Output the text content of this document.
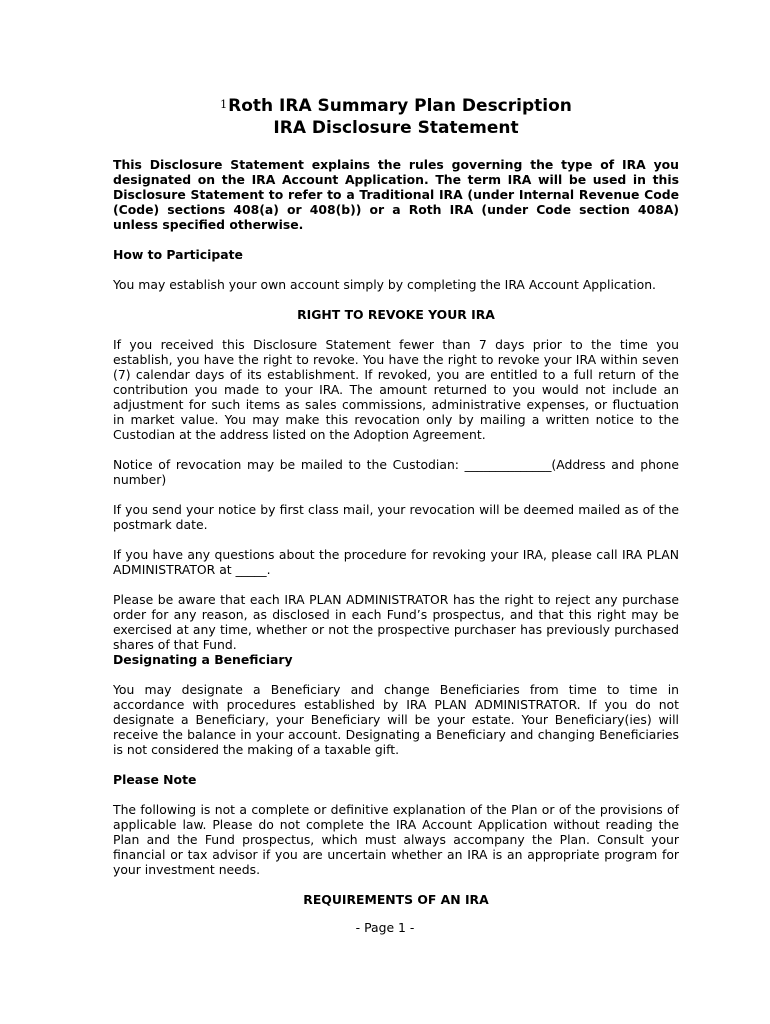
$^1$Roth IRA Summary Plan Description
IRA Disclosure Statement

This Disclosure Statement explains the rules governing the type of IRA you designated on the IRA Account Application. The term IRA will be used in this Disclosure Statement to refer to a Traditional IRA (under Internal Revenue Code (Code) sections 408(a) or 408(b)) or a Roth IRA (under Code section 408A) unless specified otherwise.

How to Participate

You may establish your own account simply by completing the IRA Account Application.

RIGHT TO REVOKE YOUR IRA

If you received this Disclosure Statement fewer than 7 days prior to the time you establish, you have the right to revoke. You have the right to revoke your IRA within seven (7) calendar days of its establishment. If revoked, you are entitled to a full return of the contribution you made to your IRA. The amount returned to you would not include an adjustment for such items as sales commissions, administrative expenses, or fluctuation in market value. You may make this revocation only by mailing a written notice to the Custodian at the address listed on the Adoption Agreement.

Notice of revocation may be mailed to the Custodian: ______________(Address and phone number)

If you send your notice by first class mail, your revocation will be deemed mailed as of the postmark date.

If you have any questions about the procedure for revoking your IRA, please call IRA PLAN ADMINISTRATOR at _____.

Please be aware that each IRA PLAN ADMINISTRATOR has the right to reject any purchase order for any reason, as disclosed in each Fund’s prospectus, and that this right may be exercised at any time, whether or not the prospective purchaser has previously purchased shares of that Fund.

Designating a Beneficiary

You may designate a Beneficiary and change Beneficiaries from time to time in accordance with procedures established by IRA PLAN ADMINISTRATOR. If you do not designate a Beneficiary, your Beneficiary will be your estate. Your Beneficiary(ies) will receive the balance in your account. Designating a Beneficiary and changing Beneficiaries is not considered the making of a taxable gift.

Please Note

The following is not a complete or definitive explanation of the Plan or of the provisions of applicable law. Please do not complete the IRA Account Application without reading the Plan and the Fund prospectus, which must always accompany the Plan. Consult your financial or tax advisor if you are uncertain whether an IRA is an appropriate program for your investment needs.

REQUIREMENTS OF AN IRA
- Page 1 -
